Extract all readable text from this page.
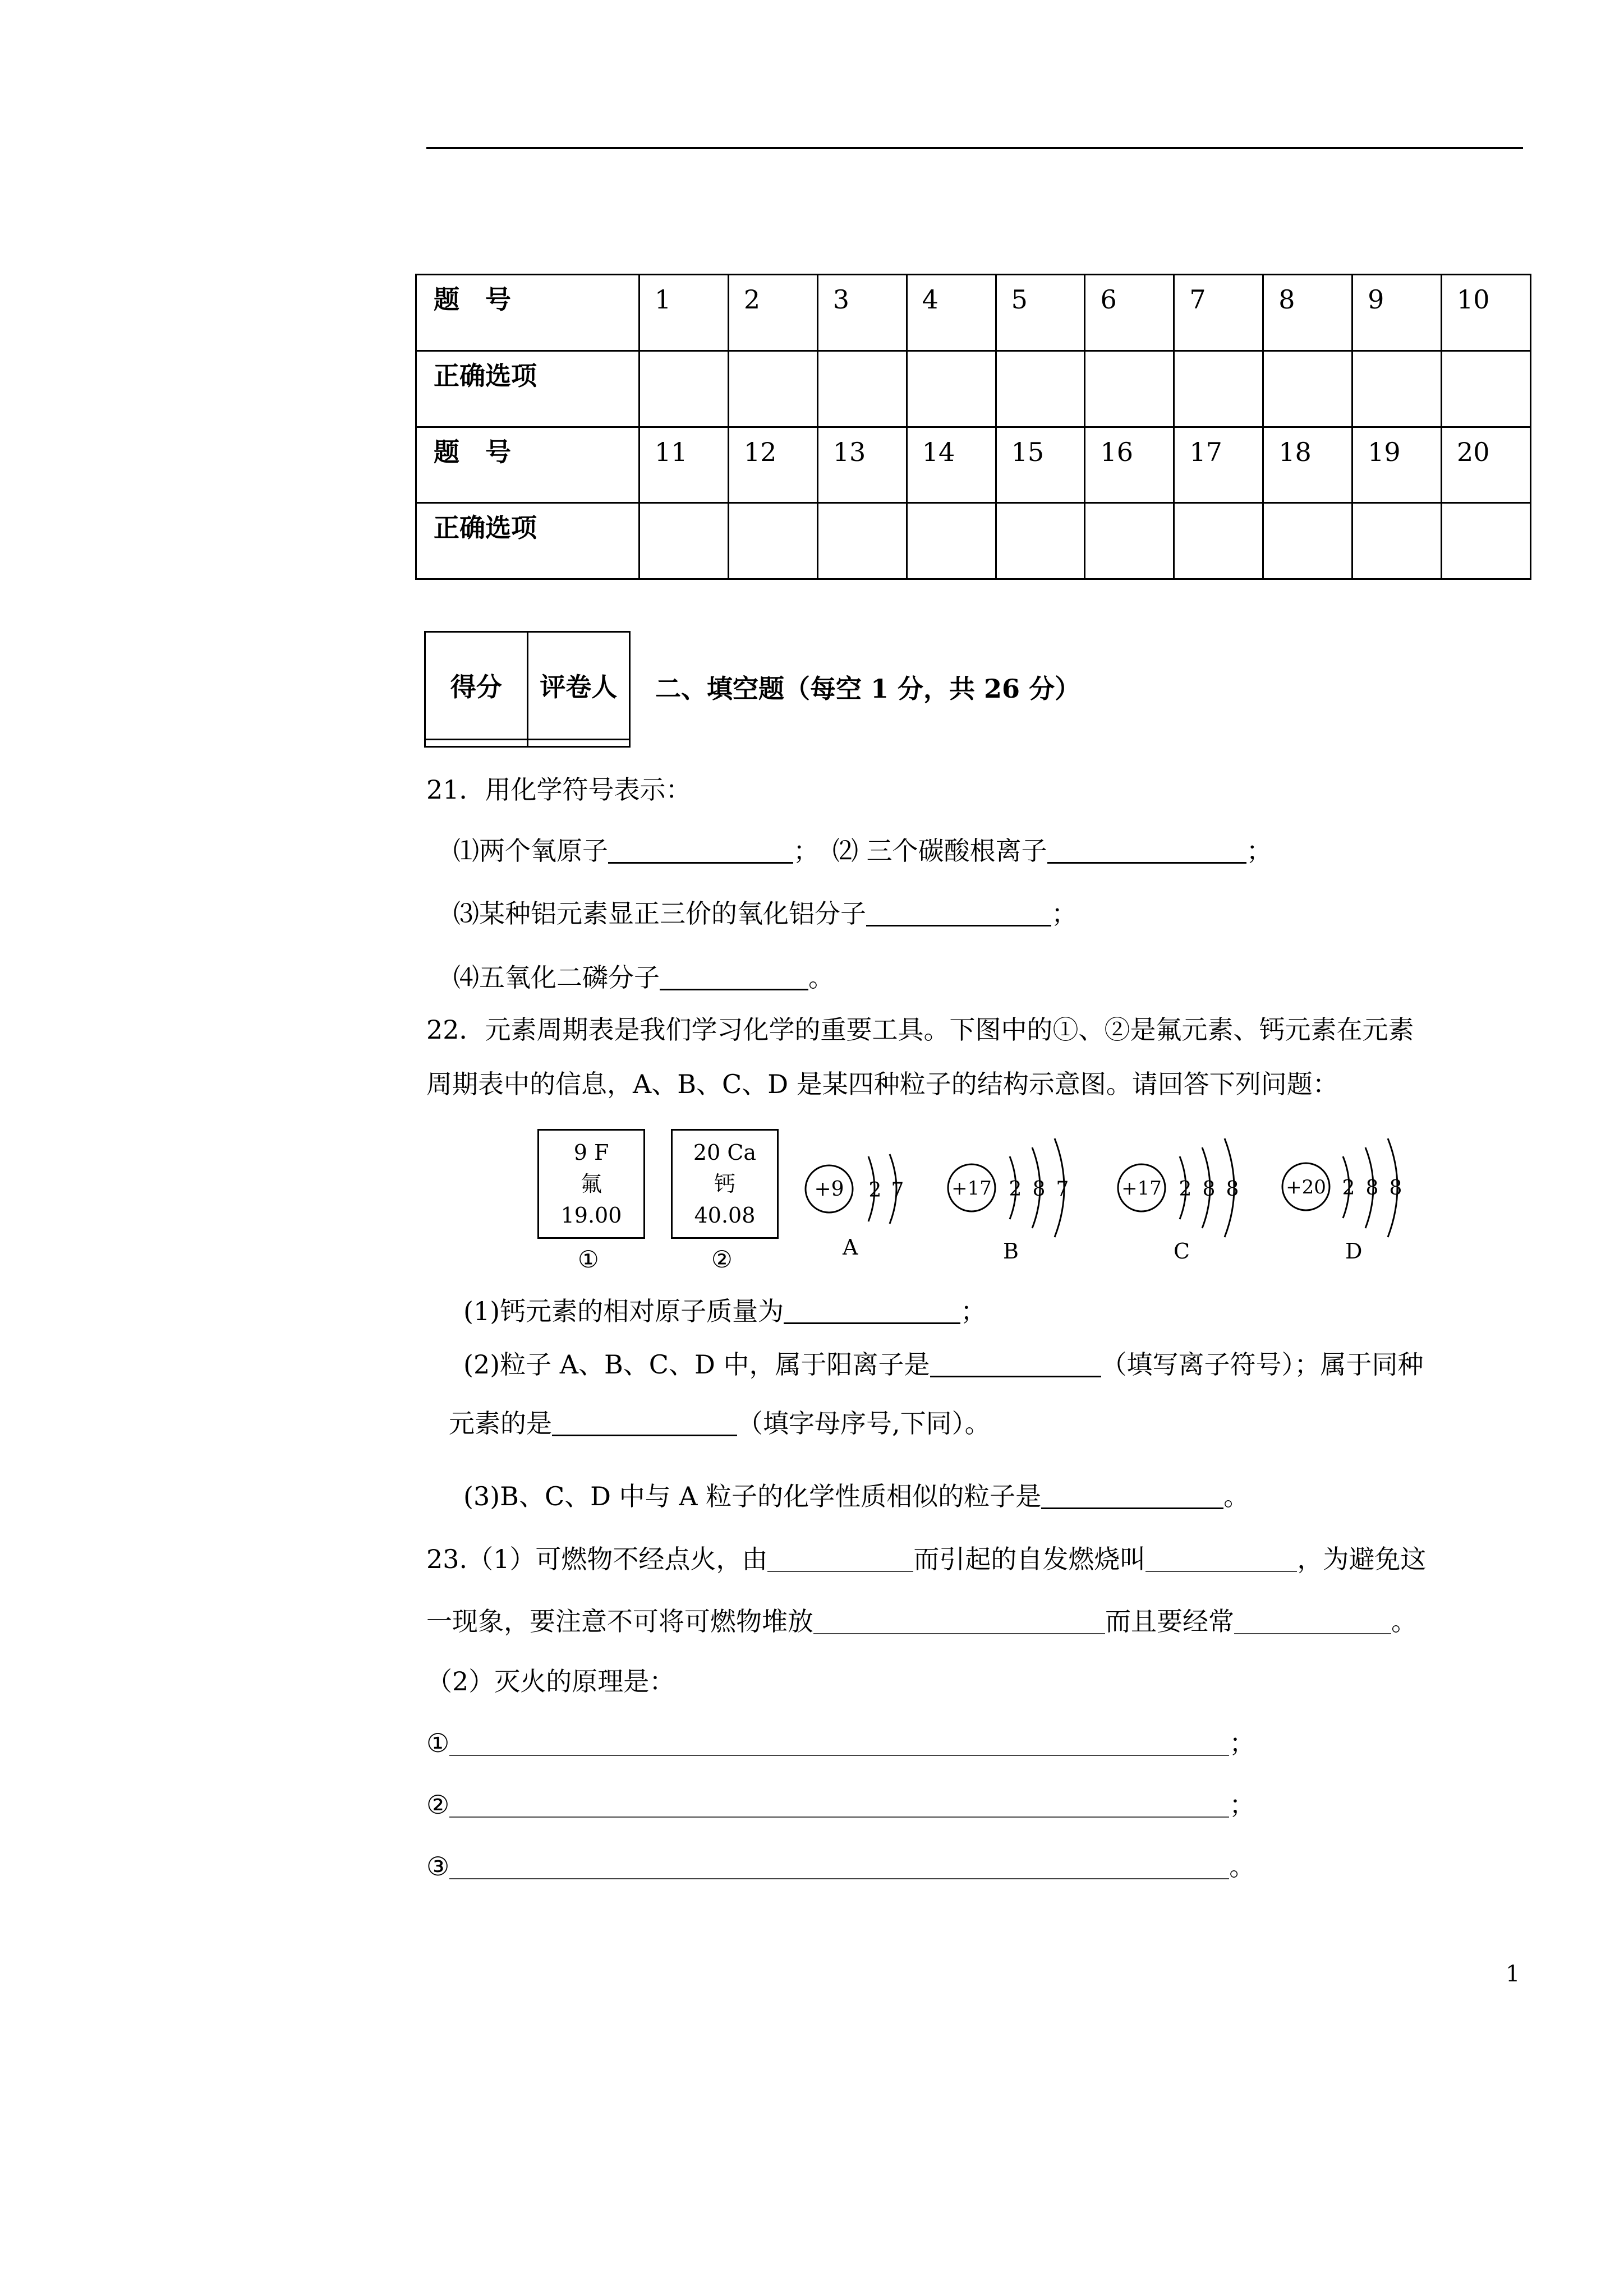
题　号	1	2	3	4	5	6	7	8	9	10
正确选项										
题　号	11	12	13	14	15	16	17	18	19	20
正确选项										
得分	评卷人
	二、填空题（每空 1 分，共 26 分）
21．用化学符号表示：
⑴两个氧原子	； ⑵ 三个碳酸根离子	；
⑶某种铝元素显正三价的氧化铝分子	；
⑷五氧化二磷分子	。
22．元素周期表是我们学习化学的重要工具。下图中的①、②是氟元素、钙元素在元素
周期表中的信息，A、B、C、D 是某四种粒子的结构示意图。请回答下列问题：
9 F
氟
19.00
①
20 Ca
钙
40.08
②
+9 2 7
A
+17 2 8 7
B
+17 2 8 8
C
+20 2 8 8
D
(1)钙元素的相对原子质量为	；
(2)粒子 A、B、C、D 中，属于阳离子是	（填写离子符号）；属于同种
元素的是	（填字母序号,下同）。
(3)B、C、D 中与 A 粒子的化学性质相似的粒子是	。
23.（1）可燃物不经点火，由	而引起的自发燃烧叫	，为避免这
一现象，要注意不可将可燃物堆放	而且要经常	。
（2）灭火的原理是：
①	；
②	；
③	。
1
